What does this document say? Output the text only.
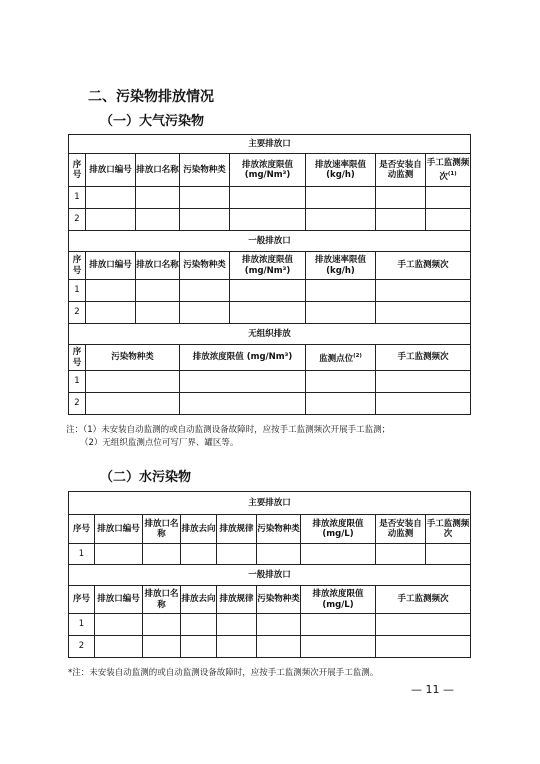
二、污染物排放情况
（一）大气污染物
主要排放口							
序号	排放口编号	排放口名称	污染物种类	排放浓度限值(mg/Nm³)	排放速率限值(kg/h)	是否安装自动监测	手工监测频次$^{(1)}$
1							
2							
一般排放口							
序号	排放口编号	排放口名称	污染物种类	排放浓度限值(mg/Nm³)	排放速率限值(kg/h)	手工监测频次	
1							
2							
无组织排放							
序号	污染物种类		排放浓度限值 (mg/Nm³)		监测点位$^{(2)}$	手工监测频次	
1							
2							
注：（1）未安装自动监测的或自动监测设备故障时，应按手工监测频次开展手工监测；
（2）无组织监测点位可写厂界、罐区等。
（二）水污染物
主要排放口								
序号	排放口编号	排放口名称	排放去向	排放规律	污染物种类	排放浓度限值(mg/L)	是否安装自动监测	手工监测频次
1								
一般排放口								
序号	排放口编号	排放口名称	排放去向	排放规律	污染物种类	排放浓度限值(mg/L)	手工监测频次	
1								
2								
*注：未安装自动监测的或自动监测设备故障时，应按手工监测频次开展手工监测。
— 11 —
